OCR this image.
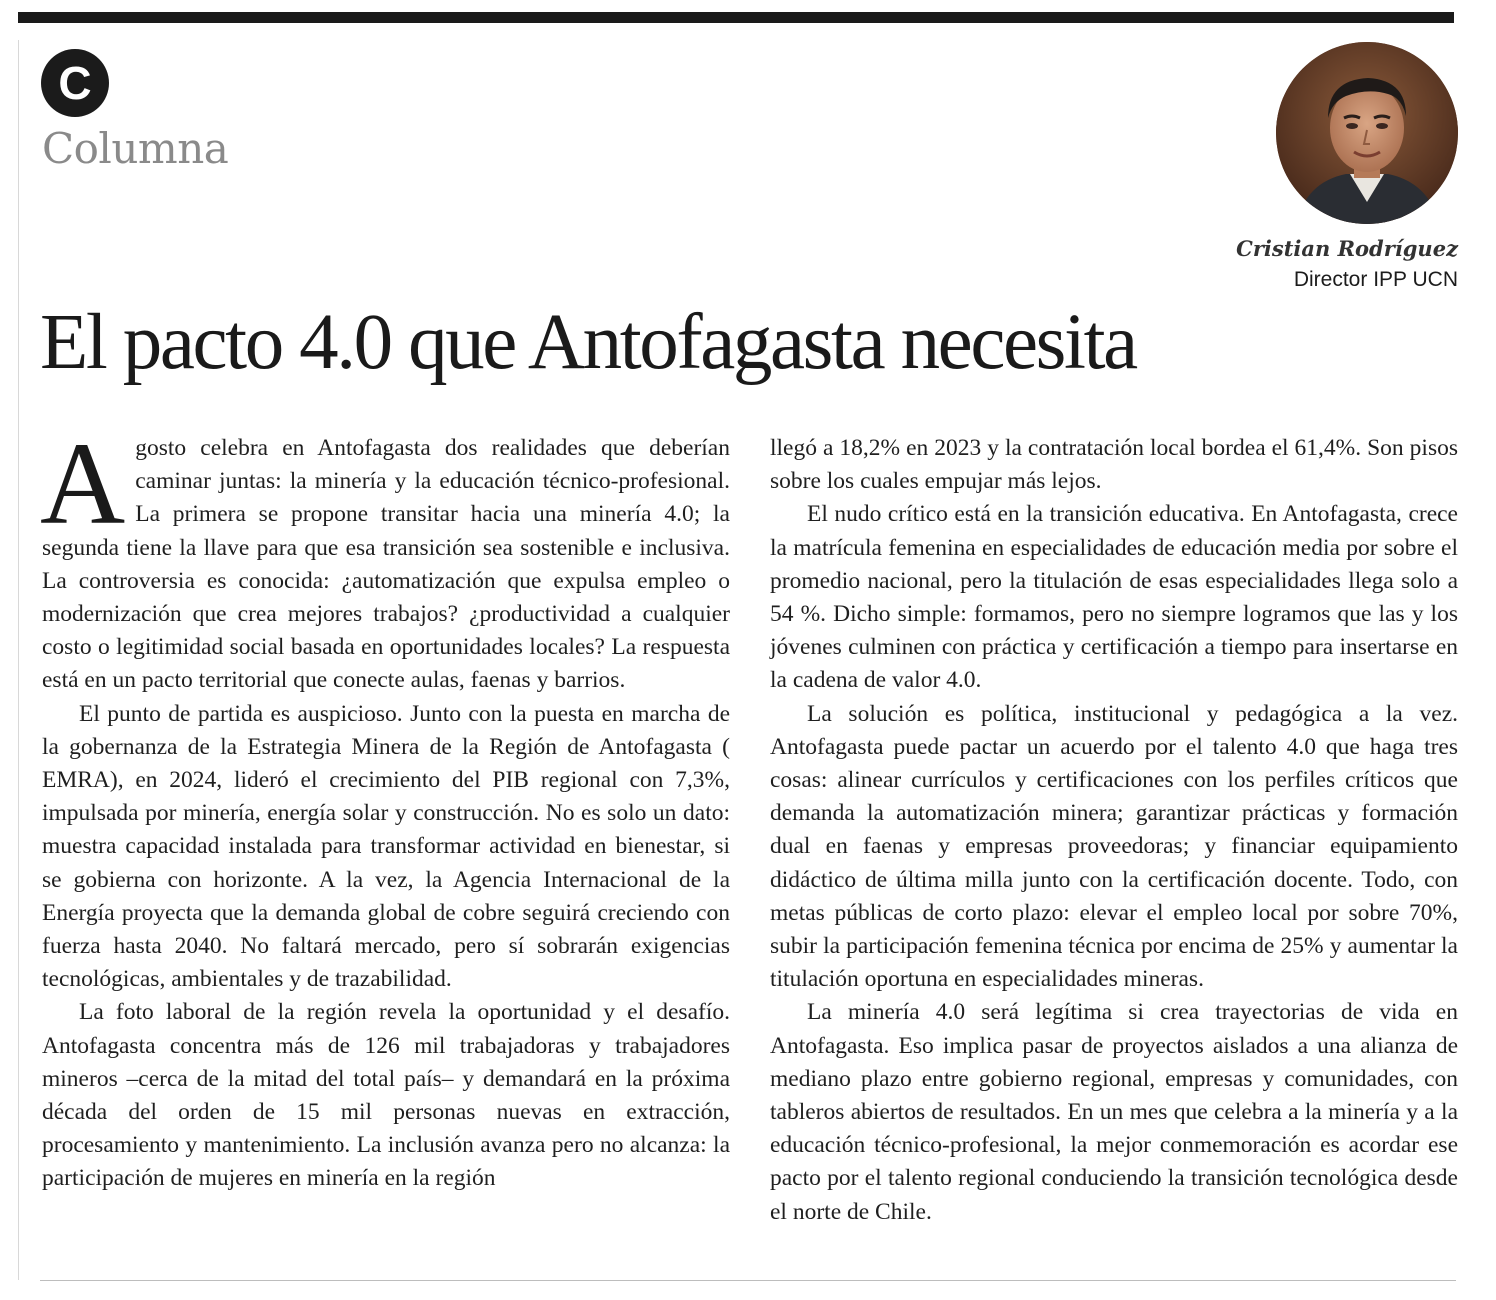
C
Columna
Cristian Rodríguez
Director IPP UCN
El pacto 4.0 que Antofagasta necesita

Agosto celebra en Antofagasta dos realidades que deberían caminar juntas: la minería y la educación técnico-profesional. La primera se propone transitar hacia una minería 4.0; la segunda tiene la llave para que esa transición sea sostenible e inclusiva. La controversia es conocida: ¿automatización que expulsa empleo o modernización que crea mejores trabajos? ¿productividad a cualquier costo o legitimidad social basada en oportunidades locales? La respuesta está en un pacto territorial que conecte aulas, faenas y barrios.

El punto de partida es auspicioso. Junto con la puesta en marcha de la gobernanza de la Estrategia Minera de la Región de Antofagasta ( EMRA), en 2024, lideró el crecimiento del PIB regional con 7,3%, impulsada por minería, energía solar y construcción. No es solo un dato: muestra capacidad instalada para transformar actividad en bienestar, si se gobierna con horizonte. A la vez, la Agencia Internacional de la Energía proyecta que la demanda global de cobre seguirá creciendo con fuerza hasta 2040. No faltará mercado, pero sí sobrarán exigencias tecnológicas, ambientales y de trazabilidad.

La foto laboral de la región revela la oportunidad y el desafío. Antofagasta concentra más de 126 mil trabajadoras y trabajadores mineros –cerca de la mitad del total país– y demandará en la próxima década del orden de 15 mil personas nuevas en extracción, procesamiento y mantenimiento. La inclusión avanza pero no alcanza: la participación de mujeres en minería en la región

llegó a 18,2% en 2023 y la contratación local bordea el 61,4%. Son pisos sobre los cuales empujar más lejos.

El nudo crítico está en la transición educativa. En Antofagasta, crece la matrícula femenina en especialidades de educación media por sobre el promedio nacional, pero la titulación de esas especialidades llega solo a 54 %. Dicho simple: formamos, pero no siempre logramos que las y los jóvenes culminen con práctica y certificación a tiempo para insertarse en la cadena de valor 4.0.

La solución es política, institucional y pedagógica a la vez. Antofagasta puede pactar un acuerdo por el talento 4.0 que haga tres cosas: alinear currículos y certificaciones con los perfiles críticos que demanda la automatización minera; garantizar prácticas y formación dual en faenas y empresas proveedoras; y financiar equipamiento didáctico de última milla junto con la certificación docente. Todo, con metas públicas de corto plazo: elevar el empleo local por sobre 70%, subir la participación femenina técnica por encima de 25% y aumentar la titulación oportuna en especialidades mineras.

La minería 4.0 será legítima si crea trayectorias de vida en Antofagasta. Eso implica pasar de proyectos aislados a una alianza de mediano plazo entre gobierno regional, empresas y comunidades, con tableros abiertos de resultados. En un mes que celebra a la minería y a la educación técnico-profesional, la mejor conmemoración es acordar ese pacto por el talento regional conduciendo la transición tecnológica desde el norte de Chile.
